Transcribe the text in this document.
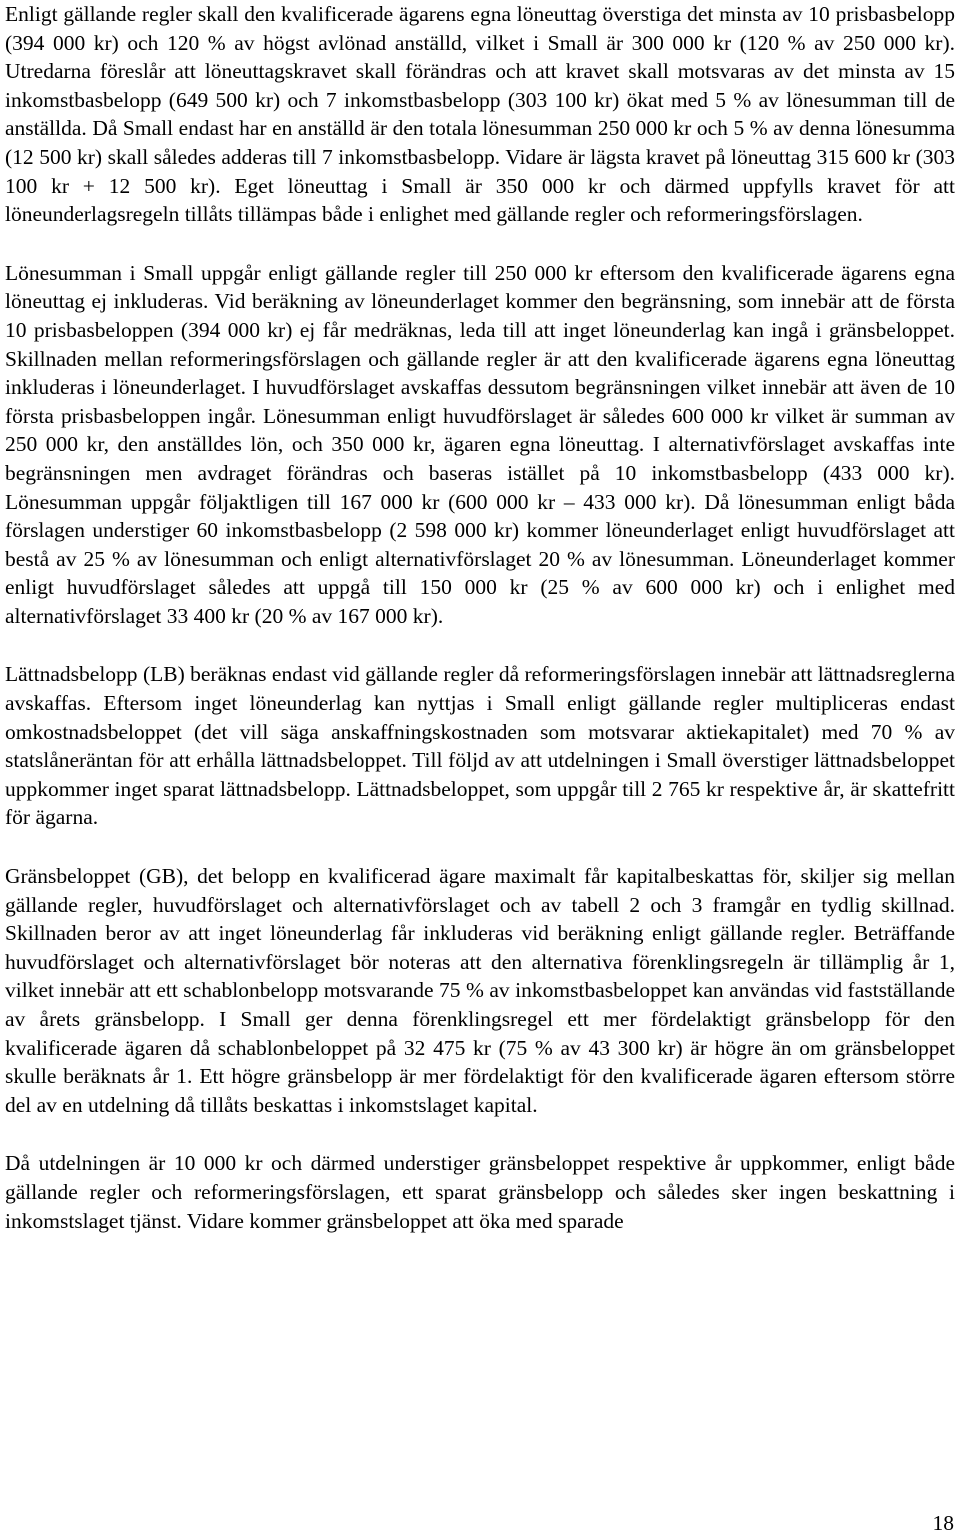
Enligt gällande regler skall den kvalificerade ägarens egna löneuttag överstiga det minsta av 10 prisbasbelopp (394 000 kr) och 120 % av högst avlönad anställd, vilket i Small är 300 000 kr (120 % av 250 000 kr). Utredarna föreslår att löneuttagskravet skall förändras och att kravet skall motsvaras av det minsta av 15 inkomstbasbelopp (649 500 kr) och 7 inkomstbasbelopp (303 100 kr) ökat med 5 % av lönesumman till de anställda. Då Small endast har en anställd är den totala lönesumman 250 000 kr och 5 % av denna lönesumma (12 500 kr) skall således adderas till 7 inkomstbasbelopp. Vidare är lägsta kravet på löneuttag 315 600 kr (303 100 kr + 12 500 kr). Eget löneuttag i Small är 350 000 kr och därmed uppfylls kravet för att löneunderlagsregeln tillåts tillämpas både i enlighet med gällande regler och reformeringsförslagen.

Lönesumman i Small uppgår enligt gällande regler till 250 000 kr eftersom den kvalificerade ägarens egna löneuttag ej inkluderas. Vid beräkning av löneunderlaget kommer den begränsning, som innebär att de första 10 prisbasbeloppen (394 000 kr) ej får medräknas, leda till att inget löneunderlag kan ingå i gränsbeloppet. Skillnaden mellan reformeringsförslagen och gällande regler är att den kvalificerade ägarens egna löneuttag inkluderas i löneunderlaget. I huvudförslaget avskaffas dessutom begränsningen vilket innebär att även de 10 första prisbasbeloppen ingår. Lönesumman enligt huvudförslaget är således 600 000 kr vilket är summan av 250 000 kr, den anställdes lön, och 350 000 kr, ägaren egna löneuttag. I alternativförslaget avskaffas inte begränsningen men avdraget förändras och baseras istället på 10 inkomstbasbelopp (433 000 kr). Lönesumman uppgår följaktligen till 167 000 kr (600 000 kr – 433 000 kr). Då lönesumman enligt båda förslagen understiger 60 inkomstbasbelopp (2 598 000 kr) kommer löneunderlaget enligt huvudförslaget att bestå av 25 % av lönesumman och enligt alternativförslaget 20 % av lönesumman. Löneunderlaget kommer enligt huvudförslaget således att uppgå till 150 000 kr (25 % av 600 000 kr) och i enlighet med alternativförslaget 33 400 kr (20 % av 167 000 kr).

Lättnadsbelopp (LB) beräknas endast vid gällande regler då reformeringsförslagen innebär att lättnadsreglerna avskaffas. Eftersom inget löneunderlag kan nyttjas i Small enligt gällande regler multipliceras endast omkostnadsbeloppet (det vill säga anskaffningskostnaden som motsvarar aktiekapitalet) med 70 % av statslåneräntan för att erhålla lättnadsbeloppet. Till följd av att utdelningen i Small överstiger lättnadsbeloppet uppkommer inget sparat lättnadsbelopp. Lättnadsbeloppet, som uppgår till 2 765 kr respektive år, är skattefritt för ägarna.

Gränsbeloppet (GB), det belopp en kvalificerad ägare maximalt får kapitalbeskattas för, skiljer sig mellan gällande regler, huvudförslaget och alternativförslaget och av tabell 2 och 3 framgår en tydlig skillnad. Skillnaden beror av att inget löneunderlag får inkluderas vid beräkning enligt gällande regler. Beträffande huvudförslaget och alternativförslaget bör noteras att den alternativa förenklingsregeln är tillämplig år 1, vilket innebär att ett schablonbelopp motsvarande 75 % av inkomstbasbeloppet kan användas vid fastställande av årets gränsbelopp. I Small ger denna förenklingsregel ett mer fördelaktigt gränsbelopp för den kvalificerade ägaren då schablonbeloppet på 32 475 kr (75 % av 43 300 kr) är högre än om gränsbeloppet skulle beräknats år 1. Ett högre gränsbelopp är mer fördelaktigt för den kvalificerade ägaren eftersom större del av en utdelning då tillåts beskattas i inkomstslaget kapital.

Då utdelningen är 10 000 kr och därmed understiger gränsbeloppet respektive år uppkommer, enligt både gällande regler och reformeringsförslagen, ett sparat gränsbelopp och således sker ingen beskattning i inkomstslaget tjänst. Vidare kommer gränsbeloppet att öka med sparade

18
